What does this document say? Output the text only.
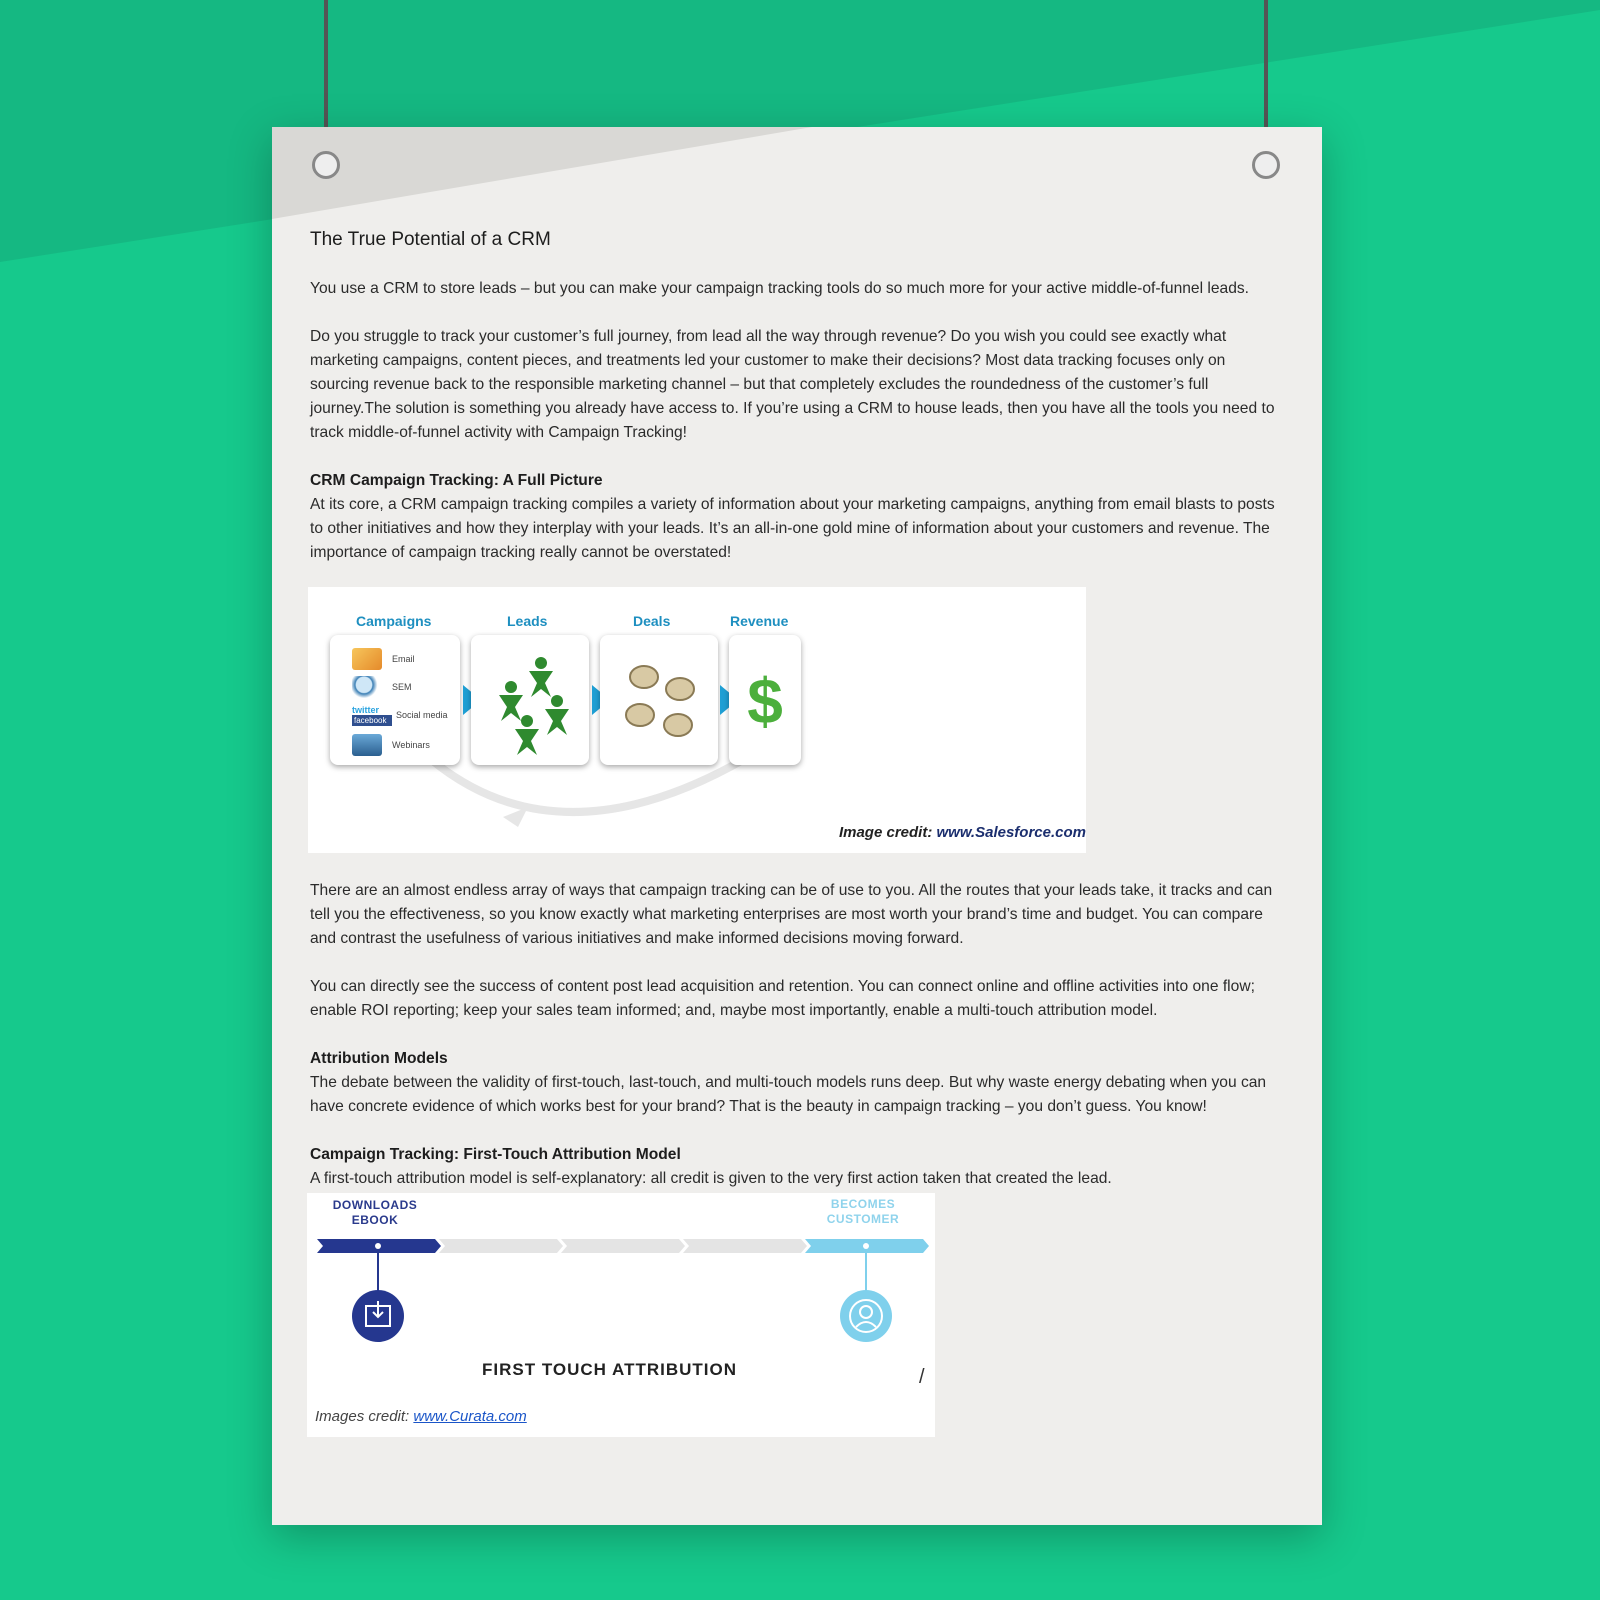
The True Potential of a CRM

You use a CRM to store leads – but you can make your campaign tracking tools do so much more for your active middle-of-funnel leads.

Do you struggle to track your customer’s full journey, from lead all the way through revenue? Do you wish you could see exactly what marketing campaigns, content pieces, and treatments led your customer to make their decisions? Most data tracking focuses only on sourcing revenue back to the responsible marketing channel – but that completely excludes the roundedness of the customer’s full journey.The solution is something you already have access to. If you’re using a CRM to house leads, then you have all the tools you need to track middle-of-funnel activity with Campaign Tracking!

CRM Campaign Tracking: A Full Picture

At its core, a CRM campaign tracking compiles a variety of information about your marketing campaigns, anything from email blasts to posts to other initiatives and how they interplay with your leads. It’s an all-in-one gold mine of information about your customers and revenue. The importance of campaign tracking really cannot be overstated!

Campaigns	Leads	Deals	Revenue
Email
SEM
twitter
facebook	Social media
Webinars
$
Image credit: www.Salesforce.com

There are an almost endless array of ways that campaign tracking can be of use to you. All the routes that your leads take, it tracks and can tell you the effectiveness, so you know exactly what marketing enterprises are most worth your brand’s time and budget. You can compare and contrast the usefulness of various initiatives and make informed decisions moving forward.

You can directly see the success of content post lead acquisition and retention. You can connect online and offline activities into one flow; enable ROI reporting; keep your sales team informed; and, maybe most importantly, enable a multi-touch attribution model.

Attribution Models

The debate between the validity of first-touch, last-touch, and multi-touch models runs deep. But why waste energy debating when you can have concrete evidence of which works best for your brand? That is the beauty in campaign tracking – you don’t guess. You know!

Campaign Tracking: First-Touch Attribution Model

A first-touch attribution model is self-explanatory: all credit is given to the very first action taken that created the lead.

DOWNLOADS
EBOOK
BECOMES
CUSTOMER
FIRST TOUCH ATTRIBUTION	/
Images credit: www.Curata.com
